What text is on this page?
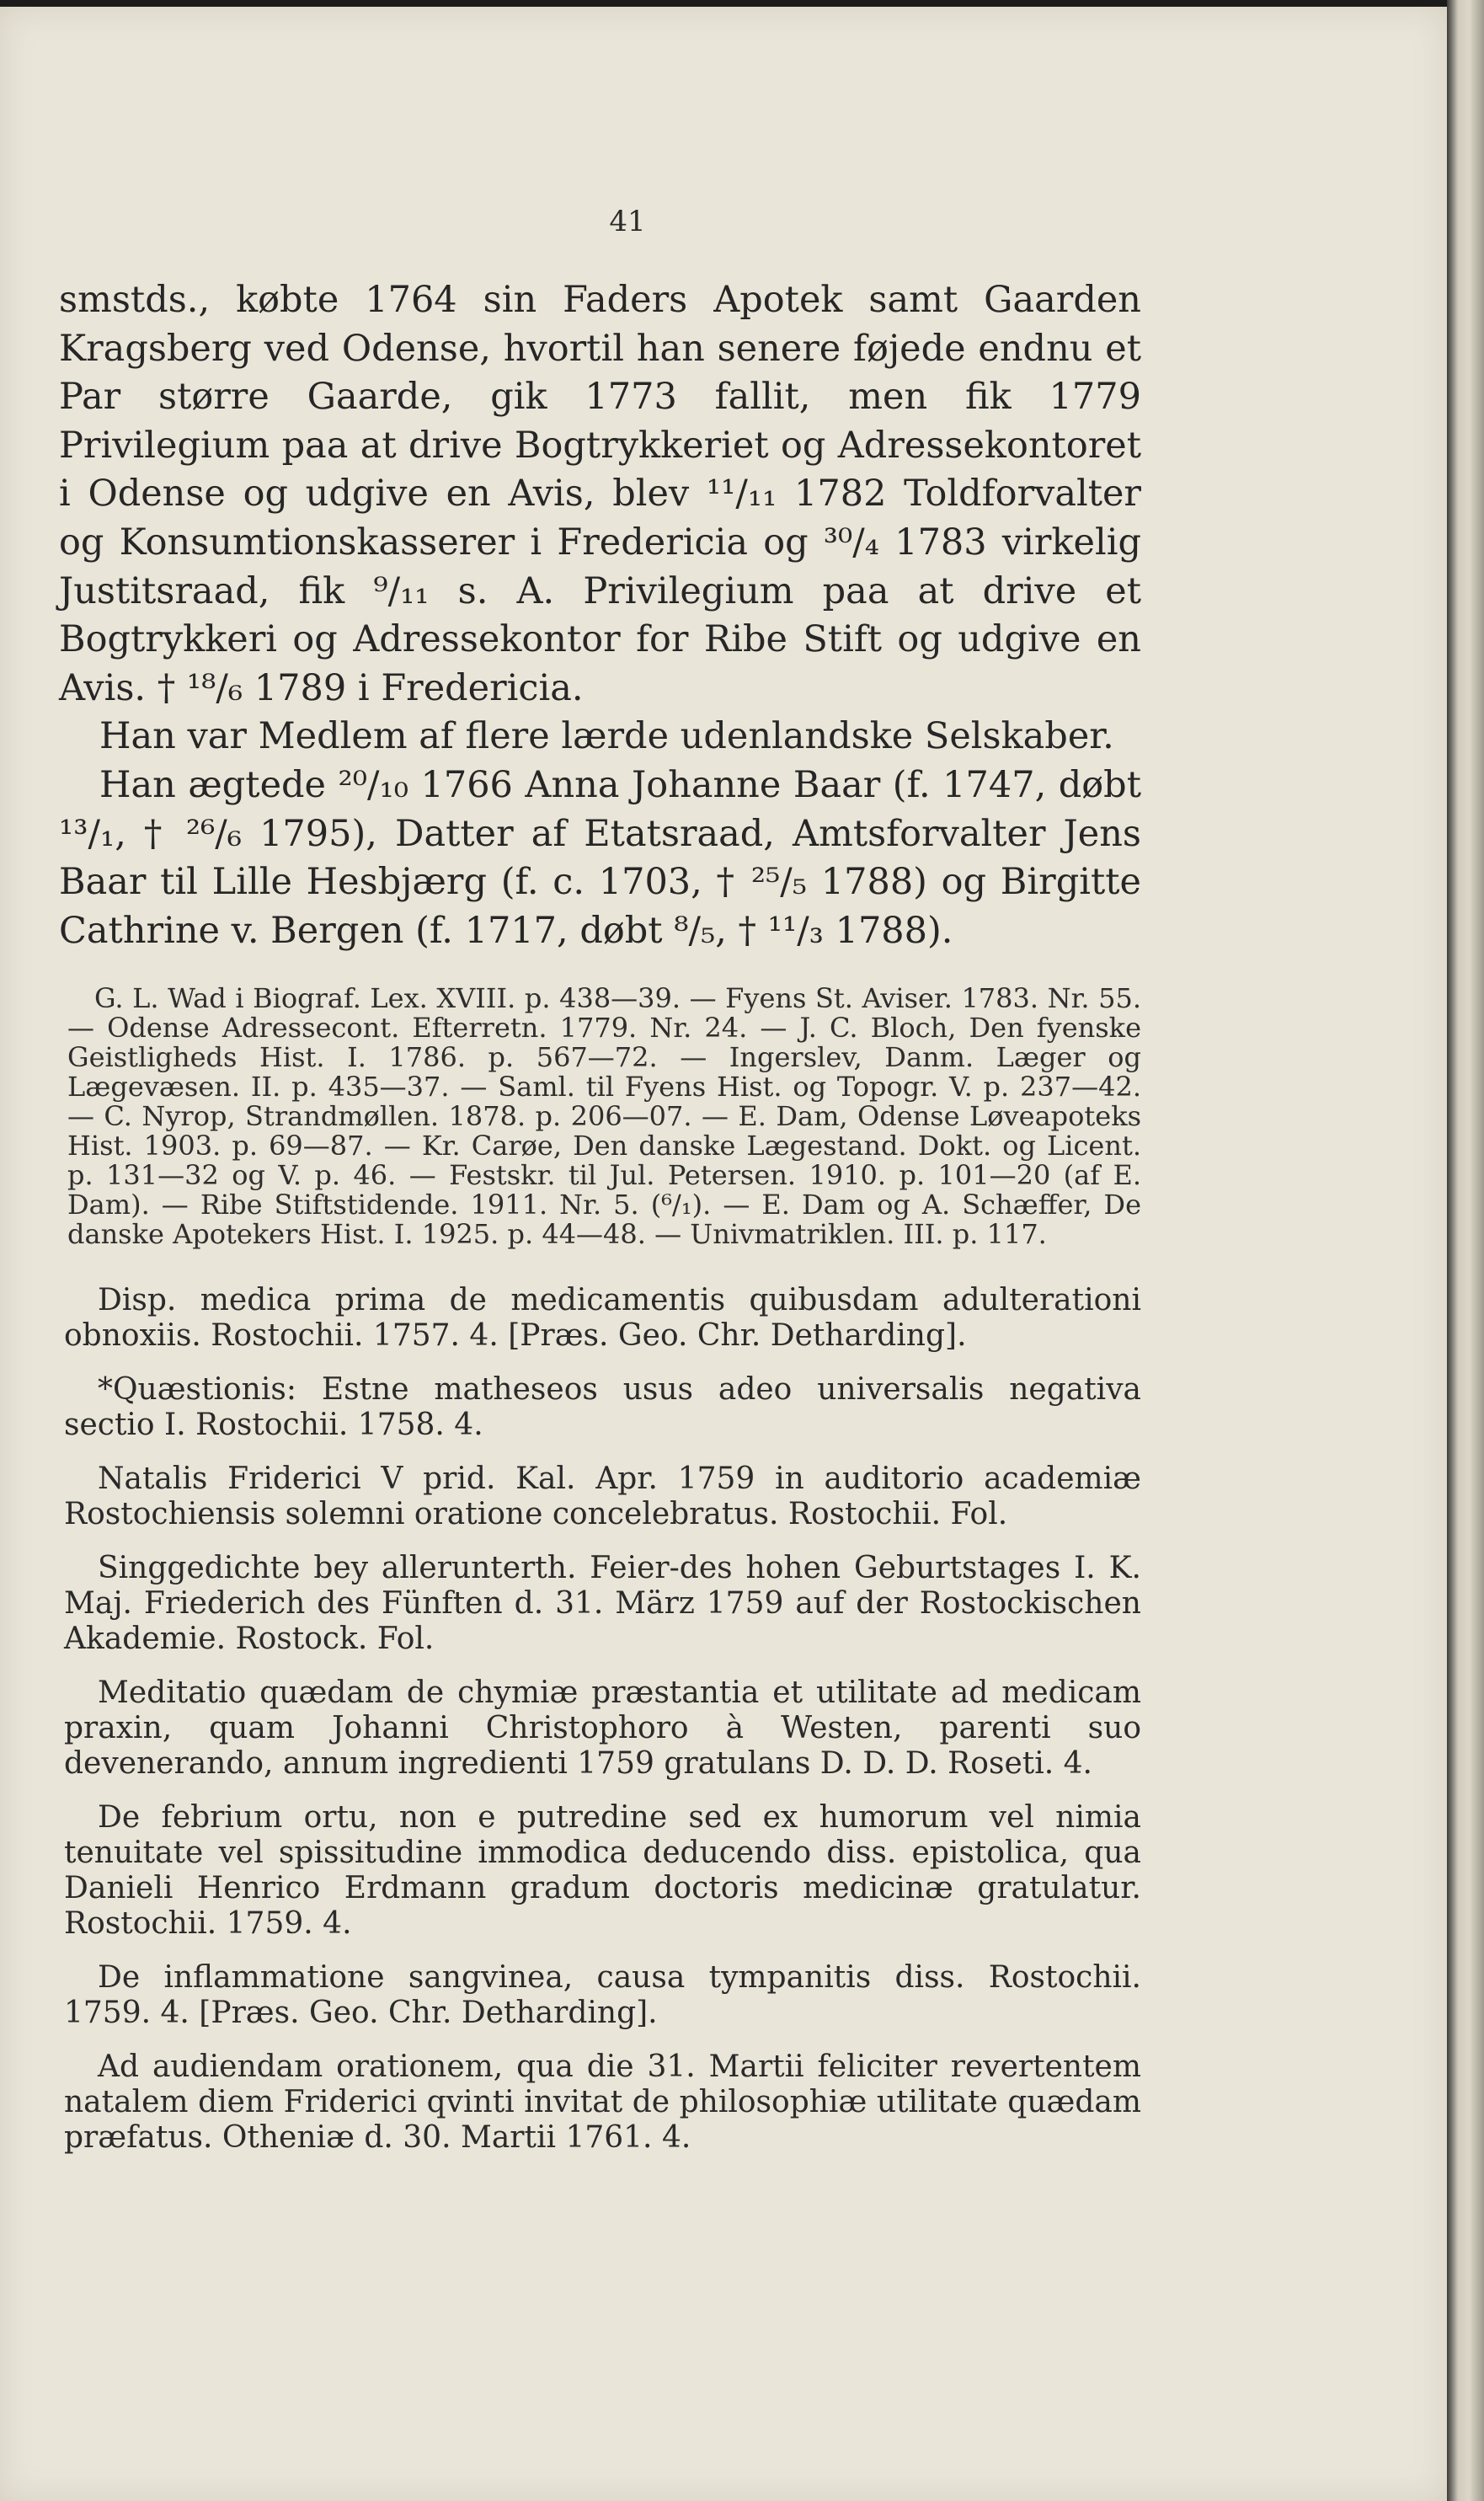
41

smstds., købte 1764 sin Faders Apotek samt Gaarden Kragsberg ved Odense, hvortil han senere føjede endnu et Par større Gaarde, gik 1773 fallit, men fik 1779 Privilegium paa at drive Bogtrykkeriet og Adressekontoret i Odense og udgive en Avis, blev ¹¹/₁₁ 1782 Toldforvalter og Konsumtionskasserer i Fredericia og ³⁰/₄ 1783 virkelig Justitsraad, fik ⁹/₁₁ s. A. Privilegium paa at drive et Bogtrykkeri og Adressekontor for Ribe Stift og udgive en Avis. † ¹⁸/₆ 1789 i Fredericia.

Han var Medlem af flere lærde udenlandske Selskaber.

Han ægtede ²⁰/₁₀ 1766 Anna Johanne Baar (f. 1747, døbt ¹³/₁, † ²⁶/₆ 1795), Datter af Etatsraad, Amtsforvalter Jens Baar til Lille Hesbjærg (f. c. 1703, † ²⁵/₅ 1788) og Birgitte Cathrine v. Bergen (f. 1717, døbt ⁸/₅, † ¹¹/₃ 1788).

G. L. Wad i Biograf. Lex. XVIII. p. 438—39. — Fyens St. Aviser. 1783. Nr. 55. — Odense Adressecont. Efterretn. 1779. Nr. 24. — J. C. Bloch, Den fyenske Geistligheds Hist. I. 1786. p. 567—72. — Ingerslev, Danm. Læger og Lægevæsen. II. p. 435—37. — Saml. til Fyens Hist. og Topogr. V. p. 237—42. — C. Nyrop, Strandmøllen. 1878. p. 206—07. — E. Dam, Odense Løveapoteks Hist. 1903. p. 69—87. — Kr. Carøe, Den danske Lægestand. Dokt. og Licent. p. 131—32 og V. p. 46. — Festskr. til Jul. Petersen. 1910. p. 101—20 (af E. Dam). — Ribe Stiftstidende. 1911. Nr. 5. (⁶/₁). — E. Dam og A. Schæffer, De danske Apotekers Hist. I. 1925. p. 44—48. — Univmatriklen. III. p. 117.

Disp. medica prima de medicamentis quibusdam adulterationi obnoxiis. Rostochii. 1757. 4. [Præs. Geo. Chr. Detharding].

*Quæstionis: Estne matheseos usus adeo universalis negativa sectio I. Rostochii. 1758. 4.

Natalis Friderici V prid. Kal. Apr. 1759 in auditorio academiæ Rostochiensis solemni oratione concelebratus. Rostochii. Fol.

Singgedichte bey allerunterth. Feier-des hohen Geburtstages I. K. Maj. Friederich des Fünften d. 31. März 1759 auf der Rostockischen Akademie. Rostock. Fol.

Meditatio quædam de chymiæ præstantia et utilitate ad medicam praxin, quam Johanni Christophoro à Westen, parenti suo devenerando, annum ingredienti 1759 gratulans D. D. D. Roseti. 4.

De febrium ortu, non e putredine sed ex humorum vel nimia tenuitate vel spissitudine immodica deducendo diss. epistolica, qua Danieli Henrico Erdmann gradum doctoris medicinæ gratulatur. Rostochii. 1759. 4.

De inflammatione sangvinea, causa tympanitis diss. Rostochii. 1759. 4. [Præs. Geo. Chr. Detharding].

Ad audiendam orationem, qua die 31. Martii feliciter revertentem natalem diem Friderici qvinti invitat de philosophiæ utilitate quædam præfatus. Otheniæ d. 30. Martii 1761. 4.
